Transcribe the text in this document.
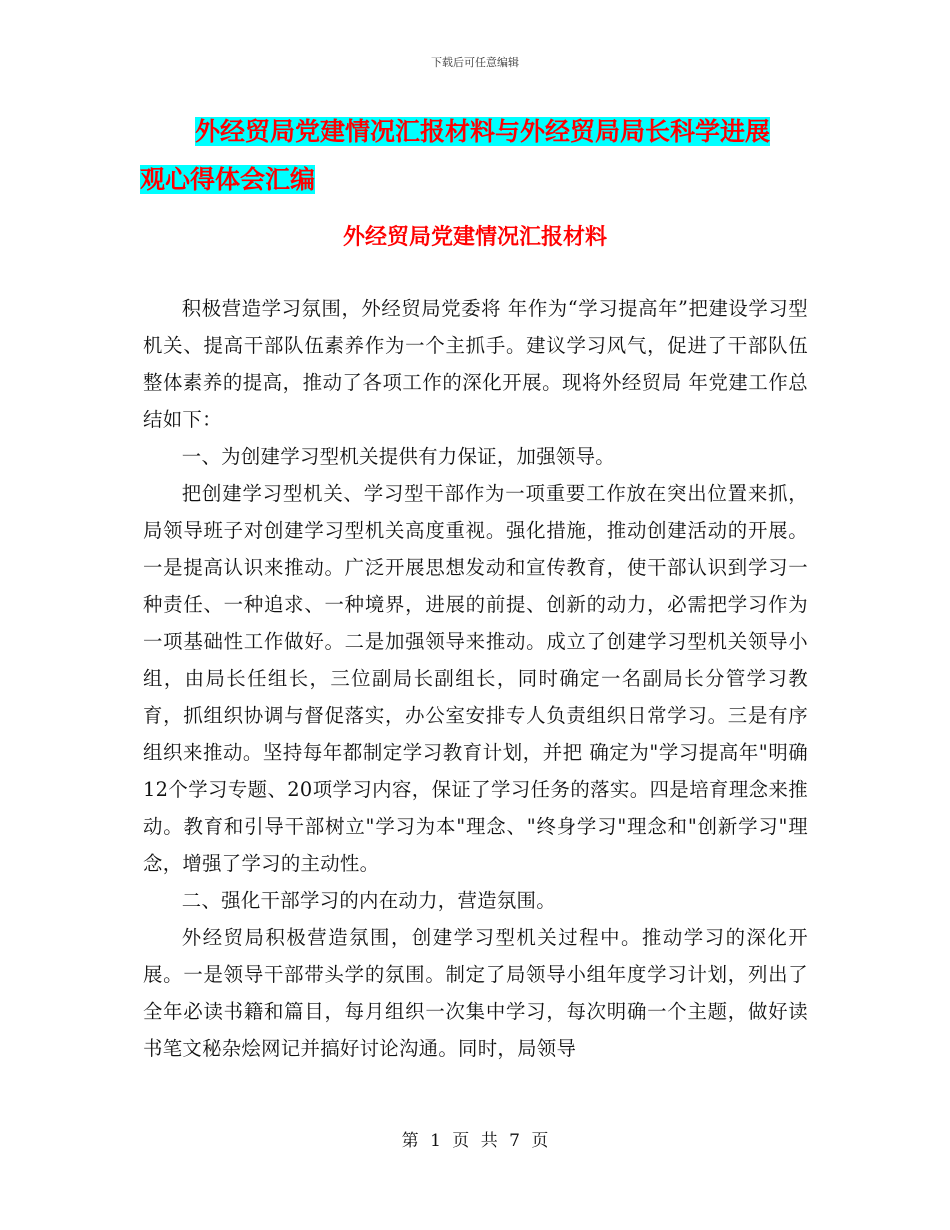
下载后可任意编辑
外经贸局党建情况汇报材料与外经贸局局长科学进展
观心得体会汇编
外经贸局党建情况汇报材料

积极营造学习氛围，外经贸局党委将 年作为“学习提高年”把建设学习型机关、提高干部队伍素养作为一个主抓手。建议学习风气，促进了干部队伍整体素养的提高，推动了各项工作的深化开展。现将外经贸局 年党建工作总结如下：

一、为创建学习型机关提供有力保证，加强领导。

把创建学习型机关、学习型干部作为一项重要工作放在突出位置来抓，局领导班子对创建学习型机关高度重视。强化措施，推动创建活动的开展。一是提高认识来推动。广泛开展思想发动和宣传教育，使干部认识到学习一种责任、一种追求、一种境界，进展的前提、创新的动力，必需把学习作为一项基础性工作做好。二是加强领导来推动。成立了创建学习型机关领导小组，由局长任组长，三位副局长副组长，同时确定一名副局长分管学习教育，抓组织协调与督促落实，办公室安排专人负责组织日常学习。三是有序组织来推动。坚持每年都制定学习教育计划，并把 确定为"学习提高年"明确12个学习专题、20项学习内容，保证了学习任务的落实。四是培育理念来推动。教育和引导干部树立"学习为本"理念、"终身学习"理念和"创新学习"理念，增强了学习的主动性。

二、强化干部学习的内在动力，营造氛围。

外经贸局积极营造氛围，创建学习型机关过程中。推动学习的深化开展。一是领导干部带头学的氛围。制定了局领导小组年度学习计划，列出了全年必读书籍和篇目，每月组织一次集中学习，每次明确一个主题，做好读书笔文秘杂烩网记并搞好讨论沟通。同时，局领导

第 1 页 共 7 页
